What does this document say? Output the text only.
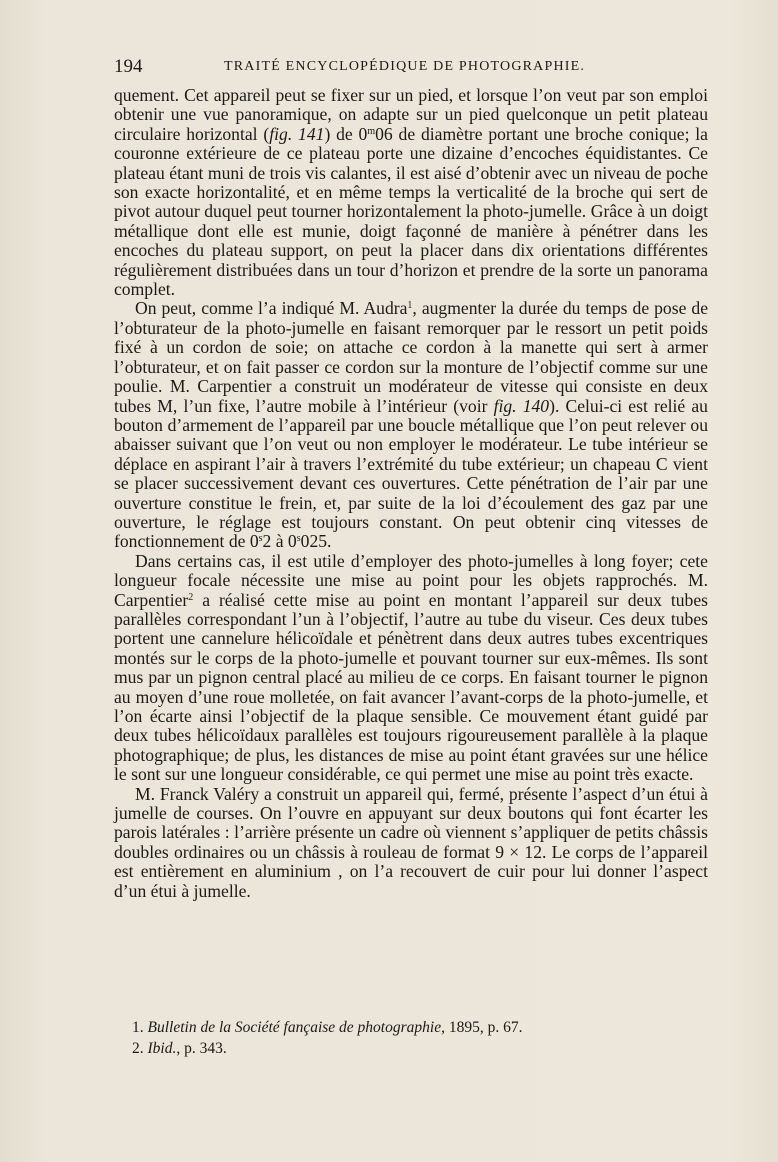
194	TRAITÉ ENCYCLOPÉDIQUE DE PHOTOGRAPHIE.

quement. Cet appareil peut se fixer sur un pied, et lorsque l’on veut par son emploi obtenir une vue panoramique, on adapte sur un pied quelconque un petit plateau circulaire horizontal (fig. 141) de 0$^m$06 de diamètre portant une broche conique; la couronne extérieure de ce plateau porte une dizaine d’encoches équidistantes. Ce plateau étant muni de trois vis calantes, il est aisé d’obtenir avec un niveau de poche son exacte horizontalité, et en même temps la verticalité de la broche qui sert de pivot autour duquel peut tourner horizontalement la photo-jumelle. Grâce à un doigt métallique dont elle est munie, doigt façonné de manière à pénétrer dans les encoches du plateau support, on peut la placer dans dix orientations différentes régulièrement distribuées dans un tour d’horizon et prendre de la sorte un panorama complet.

On peut, comme l’a indiqué M. Audra$^1$, augmenter la durée du temps de pose de l’obturateur de la photo-jumelle en faisant remorquer par le ressort un petit poids fixé à un cordon de soie; on attache ce cordon à la manette qui sert à armer l’obturateur, et on fait passer ce cordon sur la monture de l’objectif comme sur une poulie. M. Carpentier a construit un modérateur de vitesse qui consiste en deux tubes M, l’un fixe, l’autre mobile à l’intérieur (voir fig. 140). Celui-ci est relié au bouton d’armement de l’appareil par une boucle métallique que l’on peut relever ou abaisser suivant que l’on veut ou non employer le modérateur. Le tube intérieur se déplace en aspirant l’air à travers l’extrémité du tube extérieur; un chapeau C vient se placer successivement devant ces ouvertures. Cette pénétration de l’air par une ouverture constitue le frein, et, par suite de la loi d’écoulement des gaz par une ouverture, le réglage est toujours constant. On peut obtenir cinq vitesses de fonctionnement de 0$^s$2 à 0$^s$025.

Dans certains cas, il est utile d’employer des photo-jumelles à long foyer; cete longueur focale nécessite une mise au point pour les objets rapprochés. M. Carpentier$^2$ a réalisé cette mise au point en montant l’appareil sur deux tubes parallèles correspondant l’un à l’objectif, l’autre au tube du viseur. Ces deux tubes portent une cannelure hélicoïdale et pénètrent dans deux autres tubes excentriques montés sur le corps de la photo-jumelle et pouvant tourner sur eux-mêmes. Ils sont mus par un pignon central placé au milieu de ce corps. En faisant tourner le pignon au moyen d’une roue molletée, on fait avancer l’avant-corps de la photo-jumelle, et l’on écarte ainsi l’objectif de la plaque sensible. Ce mouvement étant guidé par deux tubes hélicoïdaux parallèles est toujours rigoureusement parallèle à la plaque photographique; de plus, les distances de mise au point étant gravées sur une hélice le sont sur une longueur considérable, ce qui permet une mise au point très exacte.

M. Franck Valéry a construit un appareil qui, fermé, présente l’aspect d’un étui à jumelle de courses. On l’ouvre en appuyant sur deux boutons qui font écarter les parois latérales : l’arrière présente un cadre où viennent s’appliquer de petits châssis doubles ordinaires ou un châssis à rouleau de format 9 × 12. Le corps de l’appareil est entièrement en aluminium , on l’a recouvert de cuir pour lui donner l’aspect d’un étui à jumelle.

1. Bulletin de la Société fançaise de photographie, 1895, p. 67.
2. Ibid., p. 343.
